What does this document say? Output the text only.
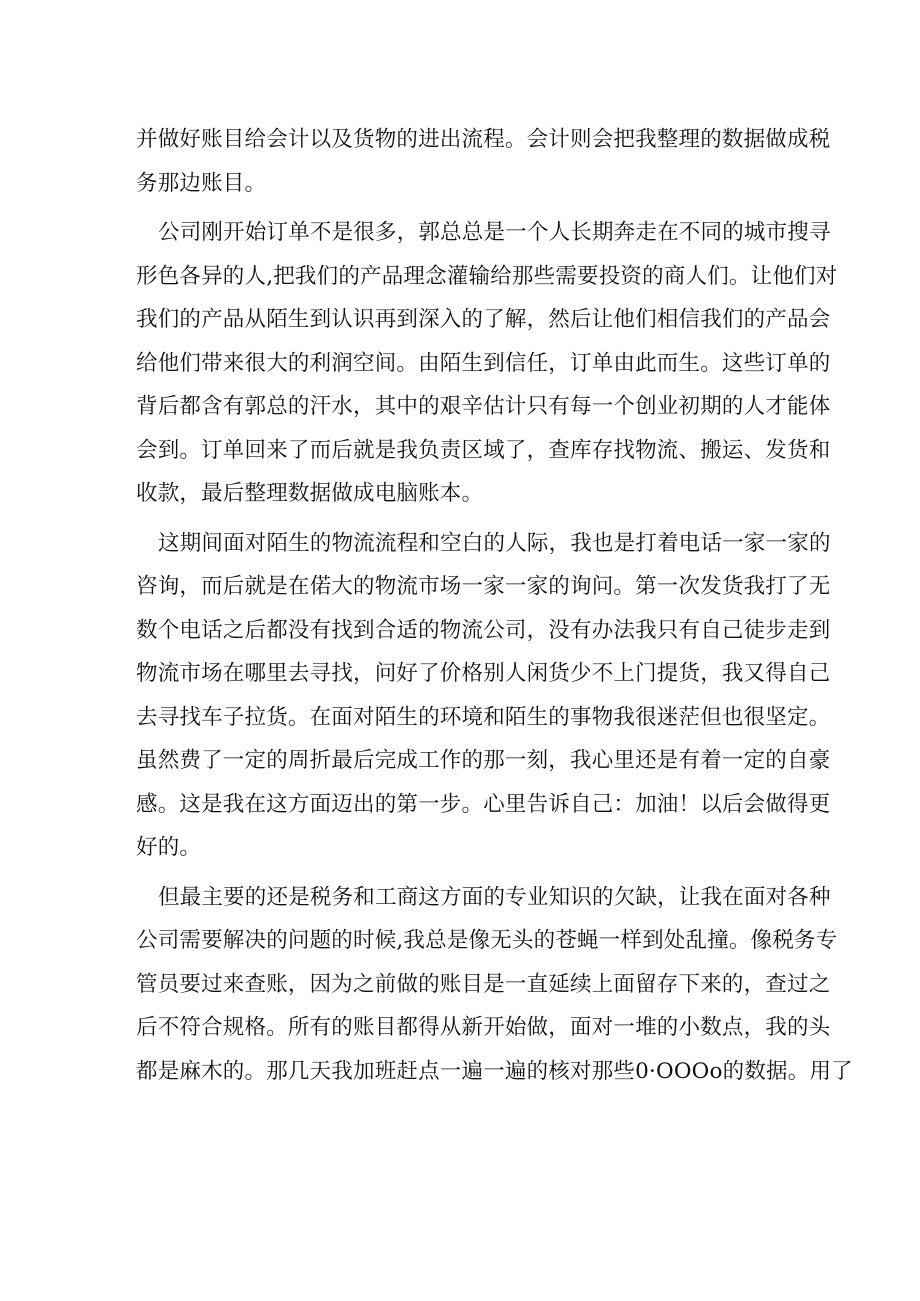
并做好账目给会计以及货物的进出流程。会计则会把我整理的数据做成税
务那边账目。

公司刚开始订单不是很多，郭总总是一个人长期奔走在不同的城市搜寻
形色各异的人,把我们的产品理念灌输给那些需要投资的商人们。让他们对
我们的产品从陌生到认识再到深入的了解，然后让他们相信我们的产品会
给他们带来很大的利润空间。由陌生到信任，订单由此而生。这些订单的
背后都含有郭总的汗水，其中的艰辛估计只有每一个创业初期的人才能体
会到。订单回来了而后就是我负责区域了，查库存找物流、搬运、发货和
收款，最后整理数据做成电脑账本。

这期间面对陌生的物流流程和空白的人际，我也是打着电话一家一家的
咨询，而后就是在偌大的物流市场一家一家的询问。第一次发货我打了无
数个电话之后都没有找到合适的物流公司，没有办法我只有自己徒步走到
物流市场在哪里去寻找，问好了价格别人闲货少不上门提货，我又得自己
去寻找车子拉货。在面对陌生的环境和陌生的事物我很迷茫但也很坚定。
虽然费了一定的周折最后完成工作的那一刻，我心里还是有着一定的自豪
感。这是我在这方面迈出的第一步。心里告诉自己：加油！以后会做得更
好的。

但最主要的还是税务和工商这方面的专业知识的欠缺，让我在面对各种
公司需要解决的问题的时候,我总是像无头的苍蝇一样到处乱撞。像税务专
管员要过来查账，因为之前做的账目是一直延续上面留存下来的，查过之
后不符合规格。所有的账目都得从新开始做，面对一堆的小数点，我的头
都是麻木的。那几天我加班赶点一遍一遍的核对那些0·OOOo的数据。用了
